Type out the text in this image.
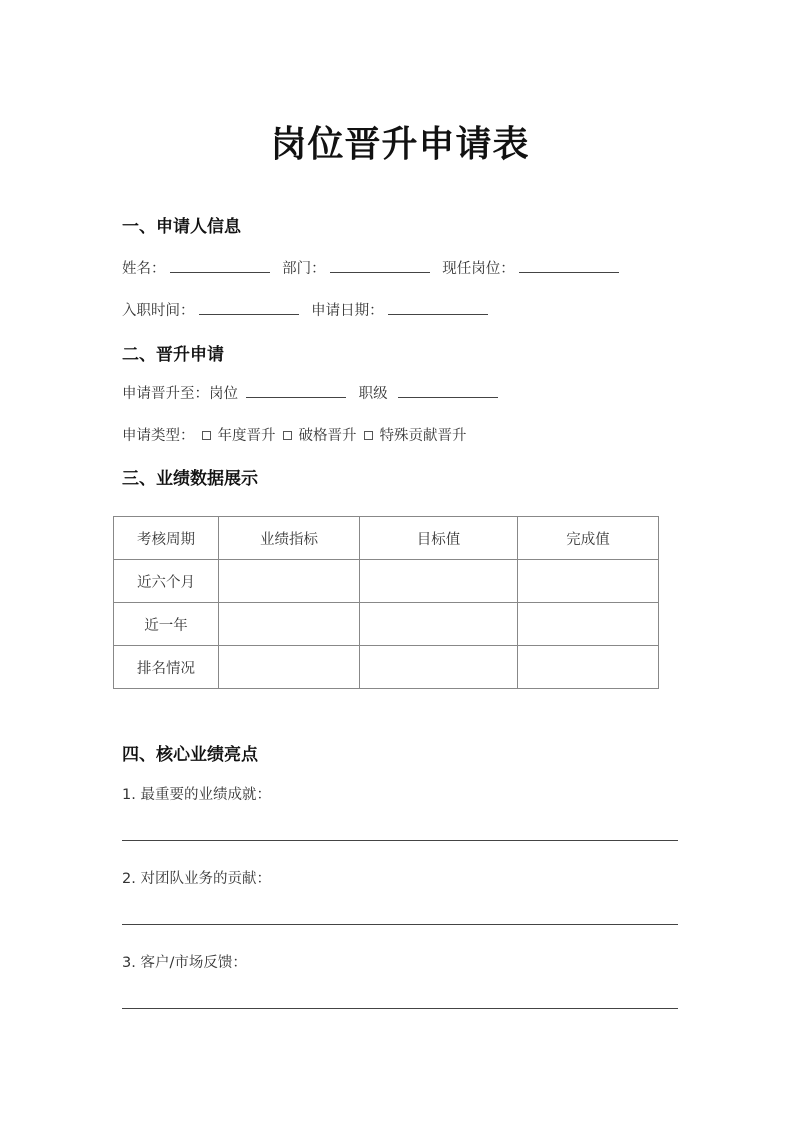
岗位晋升申请表
一、申请人信息
姓名：	部门：	现任岗位：
入职时间：	申请日期：
二、晋升申请
申请晋升至：岗位	职级
申请类型： 年度晋升 破格晋升 特殊贡献晋升
三、业绩数据展示
考核周期	业绩指标	目标值	完成值
近六个月			
近一年			
排名情况			
四、核心业绩亮点
1. 最重要的业绩成就：
2. 对团队业务的贡献：
3. 客户/市场反馈：
